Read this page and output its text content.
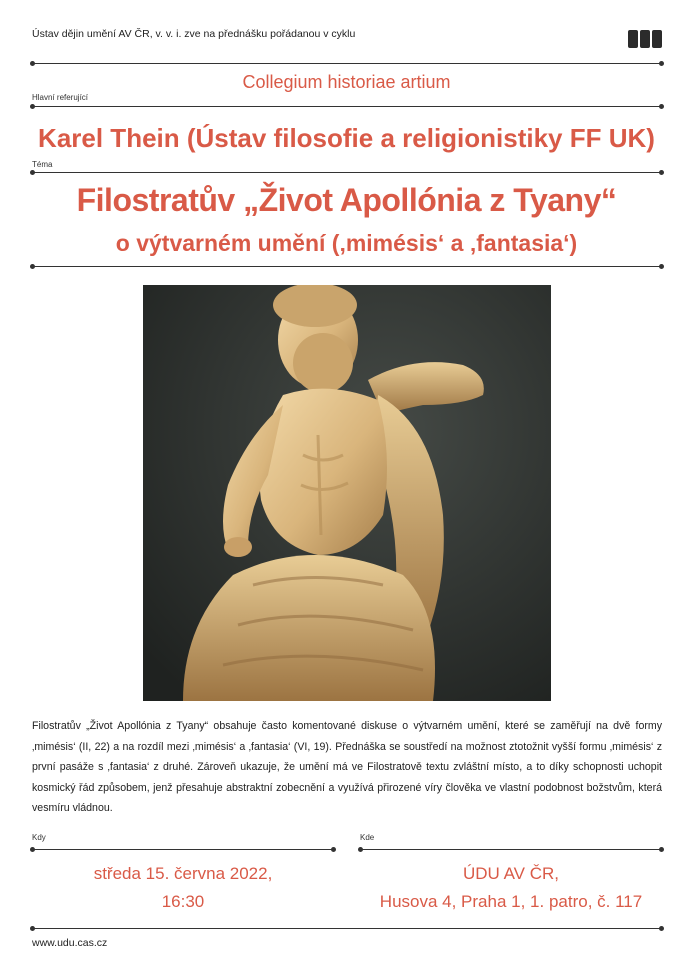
Ústav dějin umění AV ČR, v. v. i. zve na přednášku pořádanou v cyklu
Collegium historiae artium
Hlavní referující
Karel Thein (Ústav filosofie a religionistiky FF UK)
Téma
Filostratův „Život Apollónia z Tyany“
o výtvarném umění (‚mimésis‘ a ‚fantasia‘)
Filostratův „Život Apollónia z Tyany“ obsahuje často komentované diskuse o výtvarném umění, které se zaměřují na dvě formy ‚mimésis‘ (II, 22) a na rozdíl mezi ‚mimésis‘ a ‚fantasia‘ (VI, 19). Přednáška se soustředí na možnost ztotožnit vyšší formu ‚mimésis‘ z první pasáže s ‚fantasia‘ z druhé. Zároveň ukazuje, že umění má ve Filostratově textu zvláštní místo, a to díky schopnosti uchopit kosmický řád způsobem, jenž přesahuje abstraktní zobecnění a využívá přirozené víry člověka ve vlastní podobnost božstvům, která vesmíru vládnou.
Kdy	Kde
středa 15. června 2022,
16:30
ÚDU AV ČR,
Husova 4, Praha 1, 1. patro, č. 117
www.udu.cas.cz
